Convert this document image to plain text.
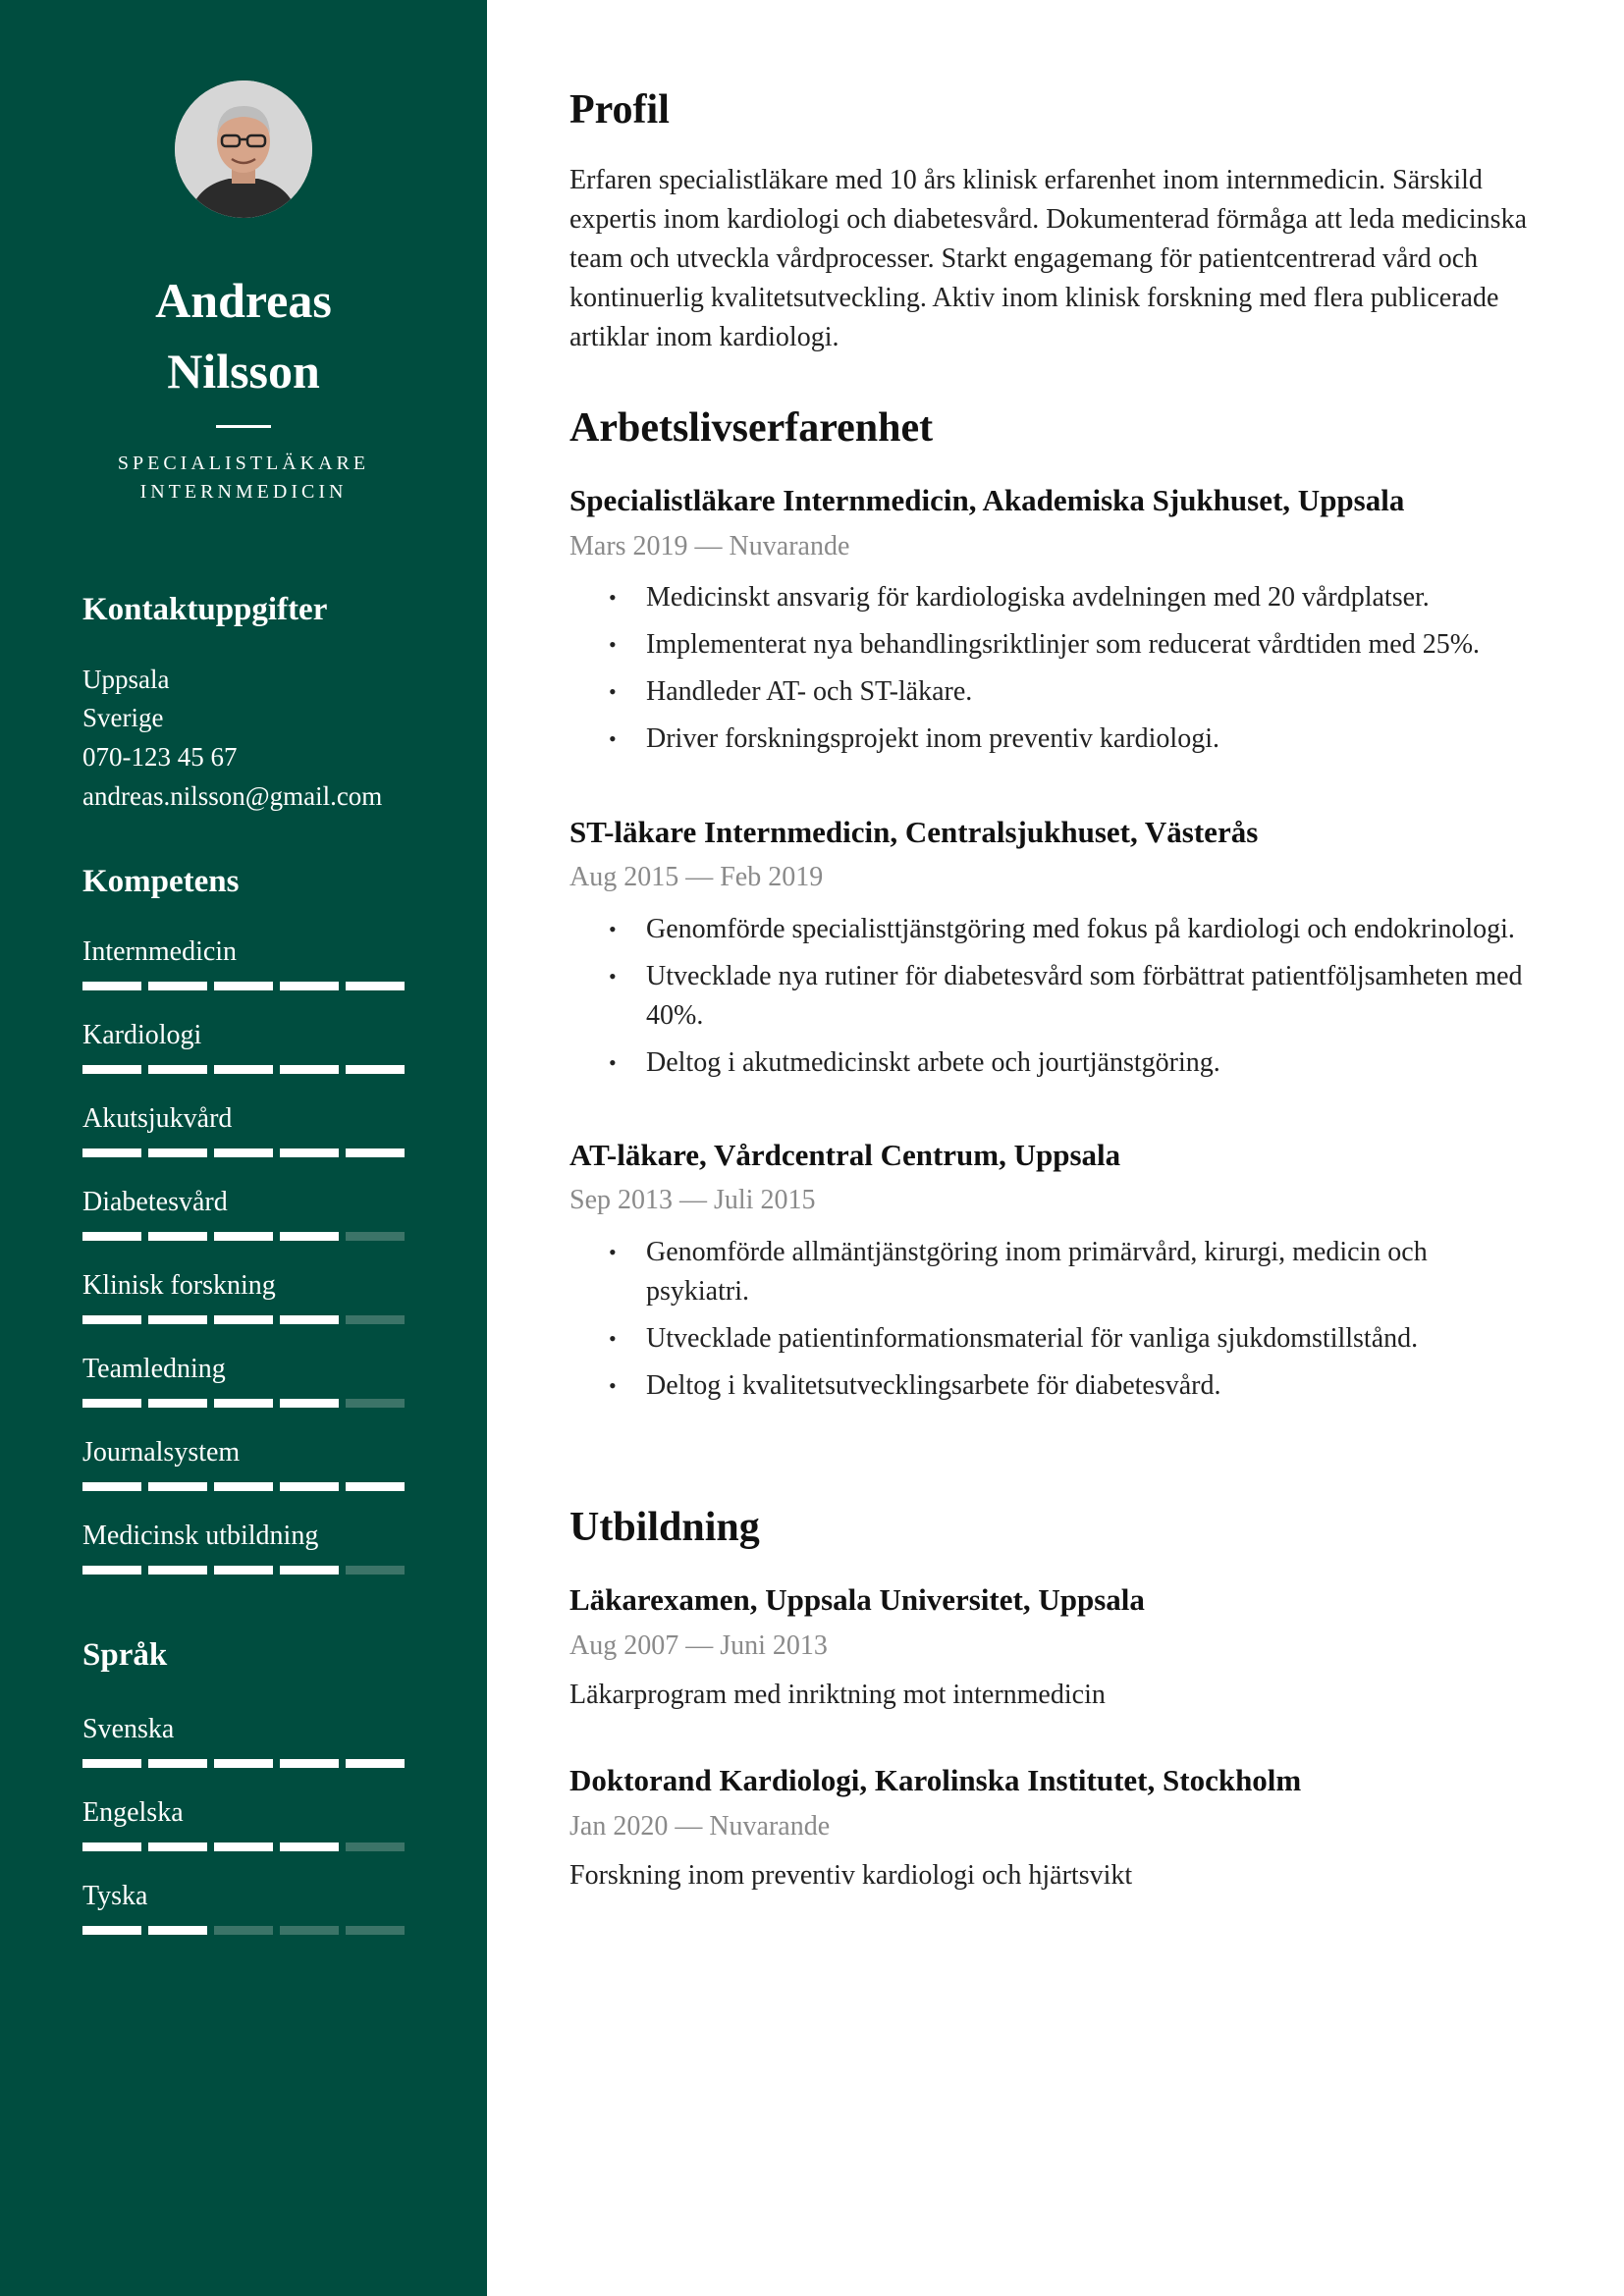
Andreas
Nilsson
SPECIALISTLÄKARE
INTERNMEDICIN
Kontaktuppgifter
Uppsala
Sverige
070-123 45 67
andreas.nilsson@gmail.com
Kompetens
Internmedicin
Kardiologi
Akutsjukvård
Diabetesvård
Klinisk forskning
Teamledning
Journalsystem
Medicinsk utbildning
Språk
Svenska
Engelska
Tyska
Profil
Erfaren specialistläkare med 10 års klinisk erfarenhet inom internmedicin. Särskild expertis inom kardiologi och diabetesvård. Dokumenterad förmåga att leda medicinska team och utveckla vårdprocesser. Starkt engagemang för patientcentrerad vård och kontinuerlig kvalitetsutveckling. Aktiv inom klinisk forskning med flera publicerade artiklar inom kardiologi.
Arbetslivserfarenhet
Specialistläkare Internmedicin, Akademiska Sjukhuset, Uppsala
Mars 2019 — Nuvarande
• Medicinskt ansvarig för kardiologiska avdelningen med 20 vårdplatser.
• Implementerat nya behandlingsriktlinjer som reducerat vårdtiden med 25%.
• Handleder AT- och ST-läkare.
• Driver forskningsprojekt inom preventiv kardiologi.
ST-läkare Internmedicin, Centralsjukhuset, Västerås
Aug 2015 — Feb 2019
• Genomförde specialisttjänstgöring med fokus på kardiologi och endokrinologi.
• Utvecklade nya rutiner för diabetesvård som förbättrat patientföljsamheten med 40%.
• Deltog i akutmedicinskt arbete och jourtjänstgöring.
AT-läkare, Vårdcentral Centrum, Uppsala
Sep 2013 — Juli 2015
• Genomförde allmäntjänstgöring inom primärvård, kirurgi, medicin och psykiatri.
• Utvecklade patientinformationsmaterial för vanliga sjukdomstillstånd.
• Deltog i kvalitetsutvecklingsarbete för diabetesvård.
Utbildning
Läkarexamen, Uppsala Universitet, Uppsala
Aug 2007 — Juni 2013
Läkarprogram med inriktning mot internmedicin
Doktorand Kardiologi, Karolinska Institutet, Stockholm
Jan 2020 — Nuvarande
Forskning inom preventiv kardiologi och hjärtsvikt
